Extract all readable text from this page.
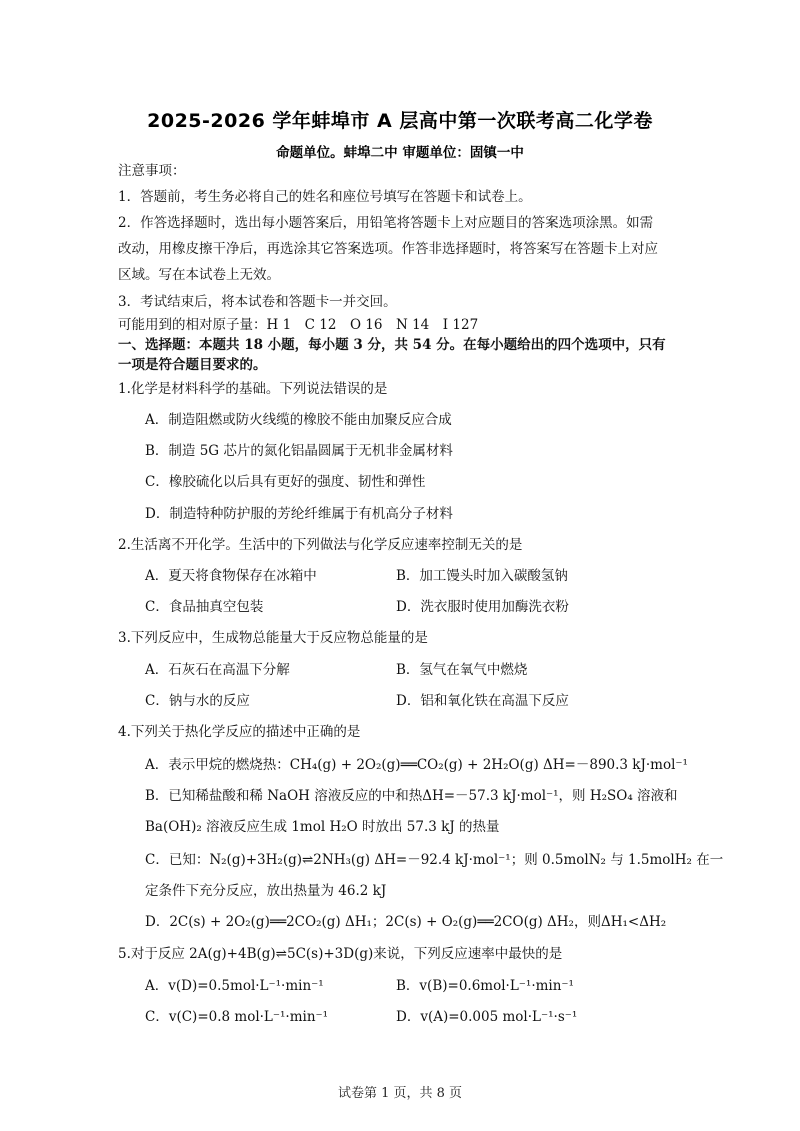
2025-2026 学年蚌埠市 A 层高中第一次联考高二化学卷
命题单位。蚌埠二中 审题单位：固镇一中
注意事项：
1．答题前，考生务必将自己的姓名和座位号填写在答题卡和试卷上。
2．作答选择题时，选出每小题答案后，用铅笔将答题卡上对应题目的答案选项涂黑。如需
改动，用橡皮擦干净后，再选涂其它答案选项。作答非选择题时，将答案写在答题卡上对应
区域。写在本试卷上无效。
3．考试结束后，将本试卷和答题卡一并交回。
可能用到的相对原子量：H 1　C 12　O 16　N 14　I 127
一、选择题：本题共 18 小题，每小题 3 分，共 54 分。在每小题给出的四个选项中，只有
一项是符合题目要求的。
1.化学是材料科学的基础。下列说法错误的是
A．制造阻燃或防火线缆的橡胶不能由加聚反应合成
B．制造 5G 芯片的氮化铝晶圆属于无机非金属材料
C．橡胶硫化以后具有更好的强度、韧性和弹性
D．制造特种防护服的芳纶纤维属于有机高分子材料
2.生活离不开化学。生活中的下列做法与化学反应速率控制无关的是
A．夏天将食物保存在冰箱中	B．加工馒头时加入碳酸氢钠
C．食品抽真空包装	D．洗衣服时使用加酶洗衣粉
3.下列反应中，生成物总能量大于反应物总能量的是
A．石灰石在高温下分解	B．氢气在氧气中燃烧
C．钠与水的反应	D．铝和氧化铁在高温下反应
4.下列关于热化学反应的描述中正确的是
A．表示甲烷的燃烧热：CH₄(g) + 2O₂(g)══CO₂(g) + 2H₂O(g) ΔH=－890.3 kJ·mol⁻¹
B．已知稀盐酸和稀 NaOH 溶液反应的中和热ΔH=－57.3 kJ·mol⁻¹，则 H₂SO₄ 溶液和
Ba(OH)₂ 溶液反应生成 1mol H₂O 时放出 57.3 kJ 的热量
C．已知：N₂(g)+3H₂(g)⇌2NH₃(g) ΔH=－92.4 kJ·mol⁻¹；则 0.5molN₂ 与 1.5molH₂ 在一
定条件下充分反应，放出热量为 46.2 kJ
D．2C(s) + 2O₂(g)══2CO₂(g) ΔH₁；2C(s) + O₂(g)══2CO(g) ΔH₂，则ΔH₁<ΔH₂
5.对于反应 2A(g)+4B(g)⇌5C(s)+3D(g)来说，下列反应速率中最快的是
A．v(D)=0.5mol·L⁻¹·min⁻¹	B．v(B)=0.6mol·L⁻¹·min⁻¹
C．v(C)=0.8 mol·L⁻¹·min⁻¹	D．v(A)=0.005 mol·L⁻¹·s⁻¹
试卷第 1 页，共 8 页
